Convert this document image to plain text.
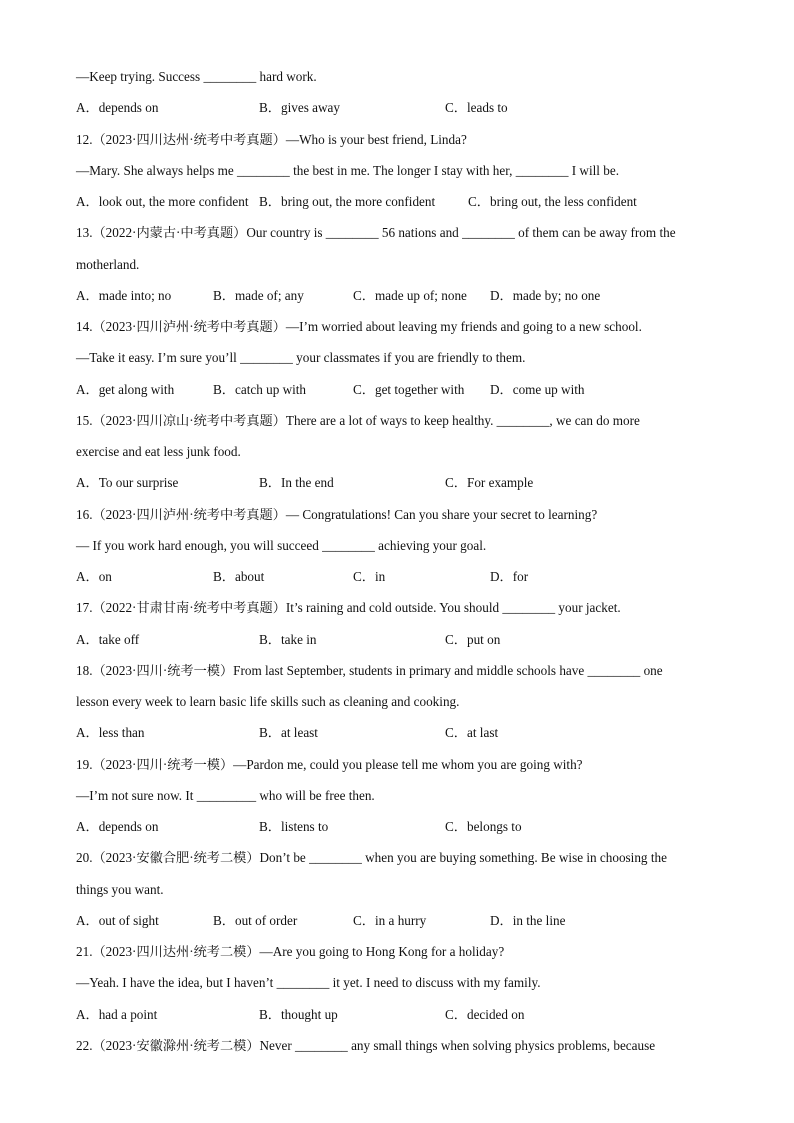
—Keep trying. Success ________ hard work.
A．depends on	B．gives away	C．leads to
12.（2023·四川达州·统考中考真题）—Who is your best friend, Linda?
—Mary. She always helps me ________ the best in me. The longer I stay with her, ________ I will be.
A．look out, the more confident B．bring out, the more confident C．bring out, the less confident
13.（2022·内蒙古·中考真题）Our country is ________ 56 nations and ________ of them can be away from the
motherland.
A．made into; no	B．made of; any	C．made up of; none D．made by; no one
14.（2023·四川泸州·统考中考真题）—I’m worried about leaving my friends and going to a new school.
—Take it easy. I’m sure you’ll ________ your classmates if you are friendly to them.
A．get along with	B．catch up with	C．get together with D．come up with
15.（2023·四川凉山·统考中考真题）There are a lot of ways to keep healthy. ________, we can do more
exercise and eat less junk food.
A．To our surprise	B．In the end	C．For example
16.（2023·四川泸州·统考中考真题）— Congratulations! Can you share your secret to learning?
— If you work hard enough, you will succeed ________ achieving your goal.
A．on	B．about	C．in	D．for
17.（2022·甘肃甘南·统考中考真题）It’s raining and cold outside. You should ________ your jacket.
A．take off	B．take in	C．put on
18.（2023·四川·统考一模）From last September, students in primary and middle schools have ________ one
lesson every week to learn basic life skills such as cleaning and cooking.
A．less than	B．at least	C．at last
19.（2023·四川·统考一模）—Pardon me, could you please tell me whom you are going with?
—I’m not sure now. It _________ who will be free then.
A．depends on	B．listens to	C．belongs to
20.（2023·安徽合肥·统考二模）Don’t be ________ when you are buying something. Be wise in choosing the
things you want.
A．out of sight	B．out of order	C．in a hurry	D．in the line
21.（2023·四川达州·统考二模）—Are you going to Hong Kong for a holiday?
—Yeah. I have the idea, but I haven’t ________ it yet. I need to discuss with my family.
A．had a point	B．thought up	C．decided on
22.（2023·安徽滁州·统考二模）Never ________ any small things when solving physics problems, because
